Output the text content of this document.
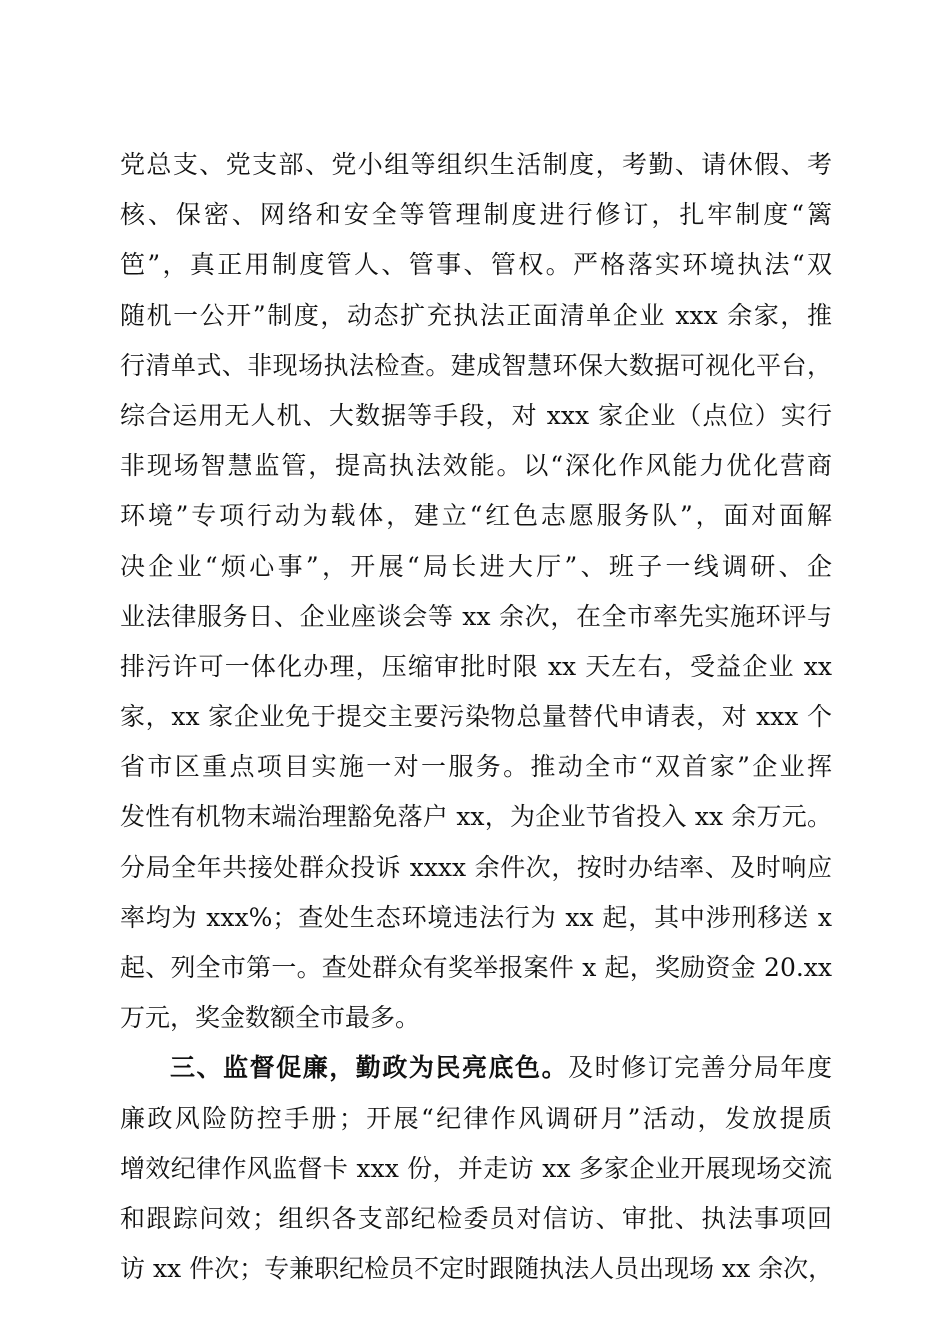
党总支、党支部、党小组等组织生活制度，考勤、请休假、考
核、保密、网络和安全等管理制度进行修订，扎牢制度“篱
笆”，真正用制度管人、管事、管权。严格落实环境执法“双
随机一公开”制度，动态扩充执法正面清单企业 xxx 余家，推
行清单式、非现场执法检查。建成智慧环保大数据可视化平台，
综合运用无人机、大数据等手段，对 xxx 家企业（点位）实行
非现场智慧监管，提高执法效能。以“深化作风能力优化营商
环境”专项行动为载体，建立“红色志愿服务队”，面对面解
决企业“烦心事”，开展“局长进大厅”、班子一线调研、企
业法律服务日、企业座谈会等 xx 余次，在全市率先实施环评与
排污许可一体化办理，压缩审批时限 xx 天左右，受益企业 xx
家，xx 家企业免于提交主要污染物总量替代申请表，对 xxx 个
省市区重点项目实施一对一服务。推动全市“双首家”企业挥
发性有机物末端治理豁免落户 xx，为企业节省投入 xx 余万元。
分局全年共接处群众投诉 xxxx 余件次，按时办结率、及时响应
率均为 xxx%；查处生态环境违法行为 xx 起，其中涉刑移送 x
起、列全市第一。查处群众有奖举报案件 x 起，奖励资金 20.xx
万元，奖金数额全市最多。
三、监督促廉，勤政为民亮底色。及时修订完善分局年度
廉政风险防控手册；开展“纪律作风调研月”活动，发放提质
增效纪律作风监督卡 xxx 份，并走访 xx 多家企业开展现场交流
和跟踪问效；组织各支部纪检委员对信访、审批、执法事项回
访 xx 件次；专兼职纪检员不定时跟随执法人员出现场 xx 余次，
